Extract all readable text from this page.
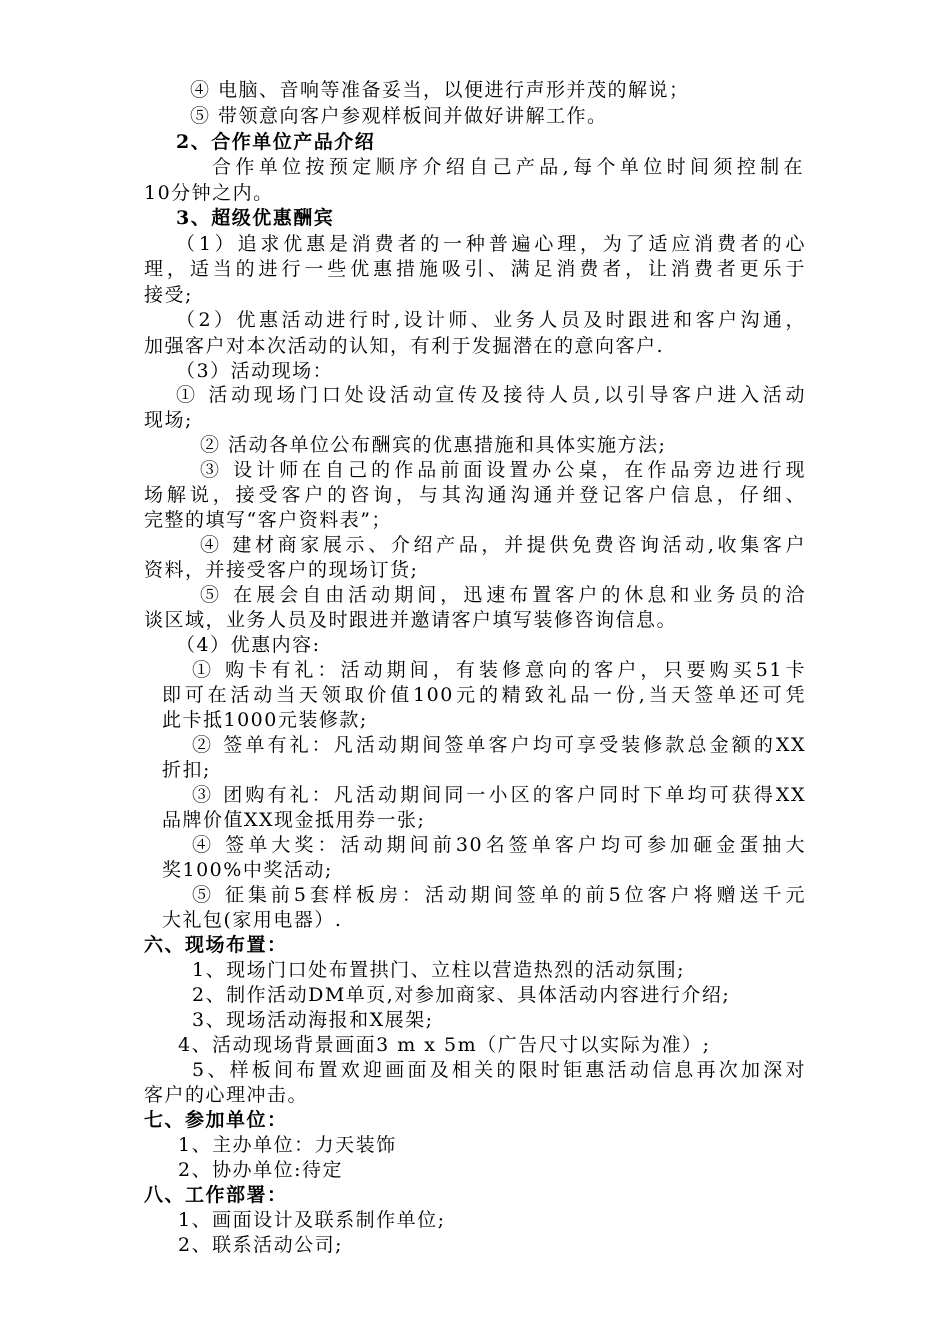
④ 电脑、音响等准备妥当，以便进行声形并茂的解说；
⑤ 带领意向客户参观样板间并做好讲解工作。
2、合作单位产品介绍
合作单位按预定顺序介绍自己产品,每个单位时间须控制在
10分钟之内。
3、超级优惠酬宾
（1）追求优惠是消费者的一种普遍心理，为了适应消费者的心
理，适当的进行一些优惠措施吸引、满足消费者，让消费者更乐于
接受;
（2）优惠活动进行时,设计师、业务人员及时跟进和客户沟通，
加强客户对本次活动的认知，有利于发掘潜在的意向客户.
（3）活动现场：
① 活动现场门口处设活动宣传及接待人员,以引导客户进入活动
现场;
② 活动各单位公布酬宾的优惠措施和具体实施方法;
③ 设计师在自己的作品前面设置办公桌，在作品旁边进行现
场解说，接受客户的咨询，与其沟通沟通并登记客户信息，仔细、
完整的填写“客户资料表”；
④ 建材商家展示、介绍产品，并提供免费咨询活动,收集客户
资料，并接受客户的现场订货;
⑤ 在展会自由活动期间，迅速布置客户的休息和业务员的洽
谈区域，业务人员及时跟进并邀请客户填写装修咨询信息。
（4）优惠内容:
① 购卡有礼：活动期间，有装修意向的客户，只要购买51卡
即可在活动当天领取价值100元的精致礼品一份,当天签单还可凭
此卡抵1000元装修款;
② 签单有礼：凡活动期间签单客户均可享受装修款总金额的XX
折扣;
③ 团购有礼：凡活动期间同一小区的客户同时下单均可获得XX
品牌价值XX现金抵用券一张;
④ 签单大奖：活动期间前30名签单客户均可参加砸金蛋抽大
奖100%中奖活动;
⑤ 征集前5套样板房：活动期间签单的前5位客户将赠送千元
大礼包(家用电器）.
六、现场布置：
1、现场门口处布置拱门、立柱以营造热烈的活动氛围;
2、制作活动DM单页,对参加商家、具体活动内容进行介绍;
3、现场活动海报和X展架;
4、活动现场背景画面3 m x 5m（广告尺寸以实际为准）;
5、样板间布置欢迎画面及相关的限时钜惠活动信息再次加深对
客户的心理冲击。
七、参加单位：
1、主办单位：力天装饰
2、协办单位:待定
八、工作部署：
1、画面设计及联系制作单位;
2、联系活动公司;
